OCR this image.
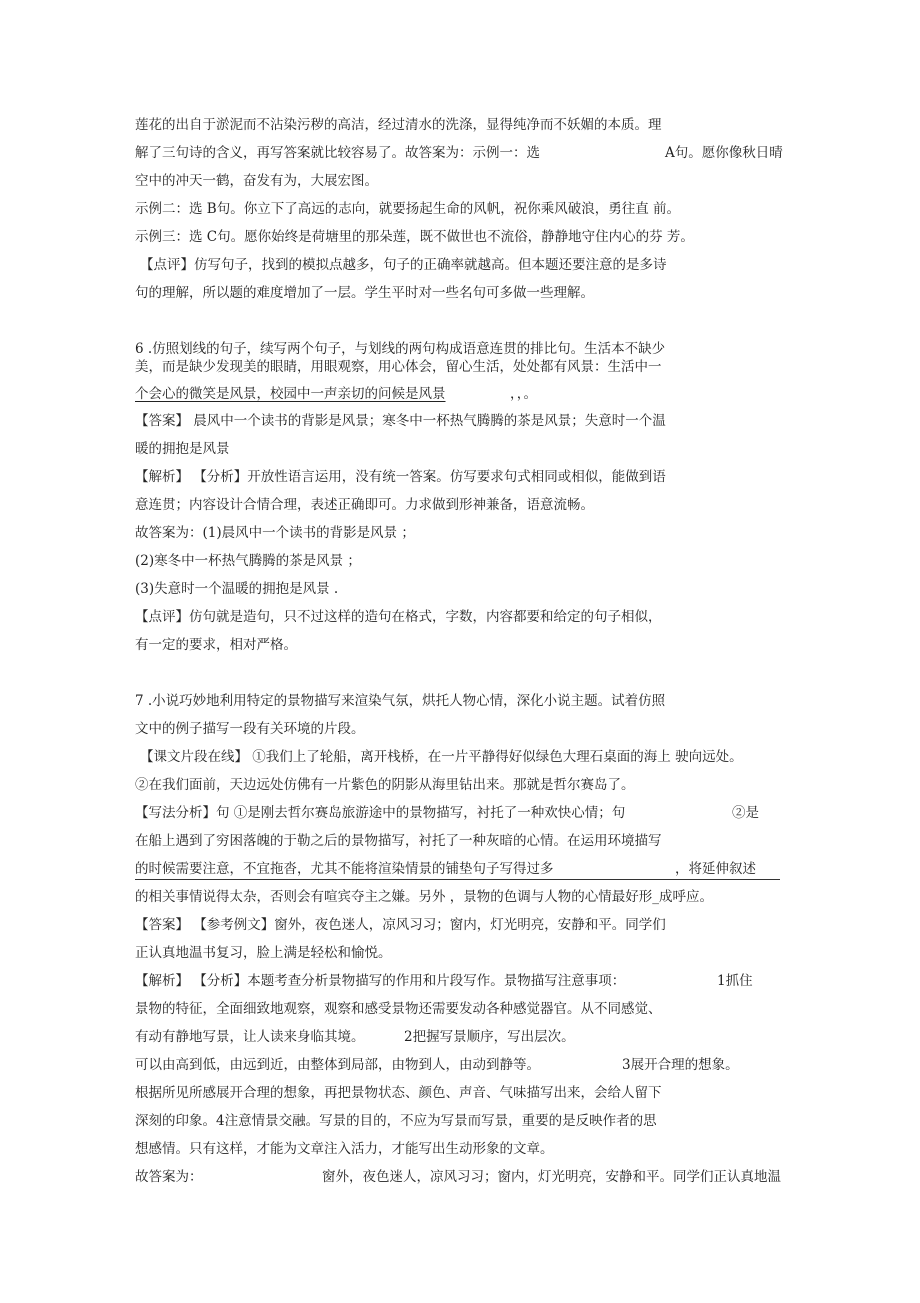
莲花的出自于淤泥而不沾染污秽的高洁，经过清水的洗涤，显得纯净而不妖媚的本质。理
解了三句诗的含义，再写答案就比较容易了。故答案为：示例一：选	A句。愿你像秋日晴
空中的冲天一鹤，奋发有为，大展宏图。
示例二：选 B句。你立下了高远的志向，就要扬起生命的风帆，祝你乘风破浪，勇往直 前。
示例三：选 C句。愿你始终是荷塘里的那朵莲，既不做世也不流俗，静静地守住内心的芬 芳。
【点评】仿写句子，找到的模拟点越多，句子的正确率就越高。但本题还要注意的是多诗
句的理解，所以题的难度增加了一层。学生平时对一些名句可多做一些理解。
6 .仿照划线的句子，续写两个句子，与划线的两句构成语意连贯的排比句。生活本不缺少
美，而是缺少发现美的眼睛，用眼观察，用心体会，留心生活，处处都有风景：生活中一
个会心的微笑是风景，校园中一声亲切的问候是风景	，，。
【答案】 晨风中一个读书的背影是风景；寒冬中一杯热气腾腾的茶是风景；失意时一个温
暖的拥抱是风景
【解析】 【分析】开放性语言运用，没有统一答案。仿写要求句式相同或相似，能做到语
意连贯；内容设计合情合理，表述正确即可。力求做到形神兼备，语意流畅。
故答案为：(1)晨风中一个读书的背影是风景 ；
(2)寒冬中一杯热气腾腾的茶是风景 ；
(3)失意时一个温暖的拥抱是风景 .
【点评】仿句就是造句，只不过这样的造句在格式，字数，内容都要和给定的句子相似，
有一定的要求，相对严格。
7 .小说巧妙地利用特定的景物描写来渲染气氛，烘托人物心情，深化小说主题。试着仿照
文中的例子描写一段有关环境的片段。
【课文片段在线】 ①我们上了轮船，离开栈桥，在一片平静得好似绿色大理石桌面的海上 驶向远处。
②在我们面前，天边远处仿佛有一片紫色的阴影从海里钻出来。那就是哲尔赛岛了。
【写法分析】句 ①是刚去哲尔赛岛旅游途中的景物描写，衬托了一种欢快心情；句	②是
在船上遇到了穷困落魄的于勒之后的景物描写，衬托了一种灰暗的心情。在运用环境描写
的时候需要注意，不宜拖沓，尤其不能将渲染情景的铺垫句子写得过多	，将延伸叙述
的相关事情说得太杂，否则会有喧宾夺主之嫌。另外 ，景物的色调与人物的心情最好形_成呼应。
【答案】 【参考例文】窗外，夜色迷人，凉风习习；窗内，灯光明亮，安静和平。同学们
正认真地温书复习，脸上满是轻松和愉悦。
【解析】 【分析】本题考查分析景物描写的作用和片段写作。景物描写注意事项：	1抓住
景物的特征，全面细致地观察，观察和感受景物还需要发动各种感觉器官。从不同感觉、
有动有静地写景，让人读来身临其境。	2把握写景顺序，写出层次。
可以由高到低，由远到近，由整体到局部，由物到人，由动到静等。	3展开合理的想象。
根据所见所感展开合理的想象，再把景物状态、颜色、声音、气味描写出来，会给人留下
深刻的印象。4注意情景交融。写景的目的，不应为写景而写景，重要的是反映作者的思
想感情。只有这样，才能为文章注入活力，才能写出生动形象的文章。
故答案为：	窗外，夜色迷人，凉风习习；窗内，灯光明亮，安静和平。同学们正认真地温
